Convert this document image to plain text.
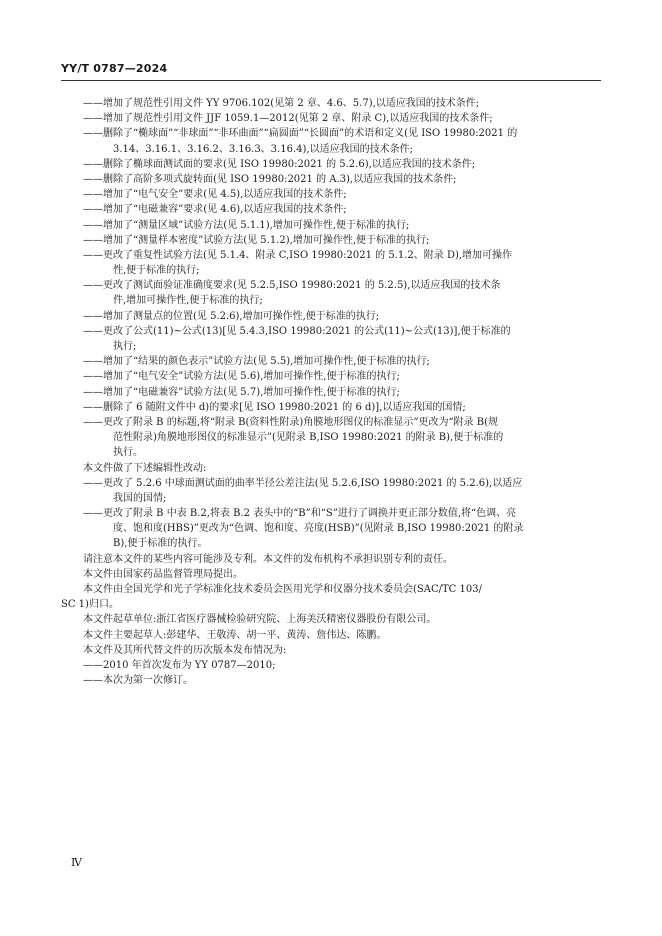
YY/T 0787—2024
——增加了规范性引用文件 YY 9706.102(见第 2 章、4.6、5.7),以适应我国的技术条件;
——增加了规范性引用文件 JJF 1059.1—2012(见第 2 章、附录 C),以适应我国的技术条件;
——删除了“椭球面”“非球面”“非环曲面”“扁圆面”“长圆面”的术语和定义(见 ISO 19980:2021 的
3.14、3.16.1、3.16.2、3.16.3、3.16.4),以适应我国的技术条件;
——删除了椭球面测试面的要求(见 ISO 19980:2021 的 5.2.6),以适应我国的技术条件;
——删除了高阶多项式旋转面(见 ISO 19980:2021 的 A.3),以适应我国的技术条件;
——增加了“电气安全”要求(见 4.5),以适应我国的技术条件;
——增加了“电磁兼容”要求(见 4.6),以适应我国的技术条件;
——增加了“测量区域”试验方法(见 5.1.1),增加可操作性,便于标准的执行;
——增加了“测量样本密度”试验方法(见 5.1.2),增加可操作性,便于标准的执行;
——更改了重复性试验方法(见 5.1.4、附录 C,ISO 19980:2021 的 5.1.2、附录 D),增加可操作
性,便于标准的执行;
——更改了测试面验证准确度要求(见 5.2.5,ISO 19980:2021 的 5.2.5),以适应我国的技术条
件,增加可操作性,便于标准的执行;
——增加了测量点的位置(见 5.2.6),增加可操作性,便于标准的执行;
——更改了公式(11)~公式(13)[见 5.4.3,ISO 19980:2021 的公式(11)~公式(13)],便于标准的
执行;
——增加了“结果的颜色表示”试验方法(见 5.5),增加可操作性,便于标准的执行;
——增加了“电气安全”试验方法(见 5.6),增加可操作性,便于标准的执行;
——增加了“电磁兼容”试验方法(见 5.7),增加可操作性,便于标准的执行;
——删除了 6 随附文件中 d)的要求[见 ISO 19980:2021 的 6 d)],以适应我国的国情;
——更改了附录 B 的标题,将“附录 B(资料性附录)角膜地形图仪的标准显示”更改为“附录 B(规
范性附录)角膜地形图仪的标准显示”(见附录 B,ISO 19980:2021 的附录 B),便于标准的
执行。
本文件做了下述编辑性改动:
——更改了 5.2.6 中球面测试面的曲率半径公差注法(见 5.2.6,ISO 19980:2021 的 5.2.6),以适应
我国的国情;
——更改了附录 B 中表 B.2,将表 B.2 表头中的“B”和“S”进行了调换并更正部分数值,将“色调、亮
度、饱和度(HBS)”更改为“色调、饱和度、亮度(HSB)”(见附录 B,ISO 19980:2021 的附录
B),便于标准的执行。
请注意本文件的某些内容可能涉及专利。本文件的发布机构不承担识别专利的责任。
本文件由国家药品监督管理局提出。
本文件由全国光学和光子学标准化技术委员会医用光学和仪器分技术委员会(SAC/TC 103/
SC 1)归口。
本文件起草单位:浙江省医疗器械检验研究院、上海美沃精密仪器股份有限公司。
本文件主要起草人:彭建华、王敬涛、胡一平、黄涛、詹伟达、陈鹏。
本文件及其所代替文件的历次版本发布情况为:
——2010 年首次发布为 YY 0787—2010;
——本次为第一次修订。
Ⅳ
